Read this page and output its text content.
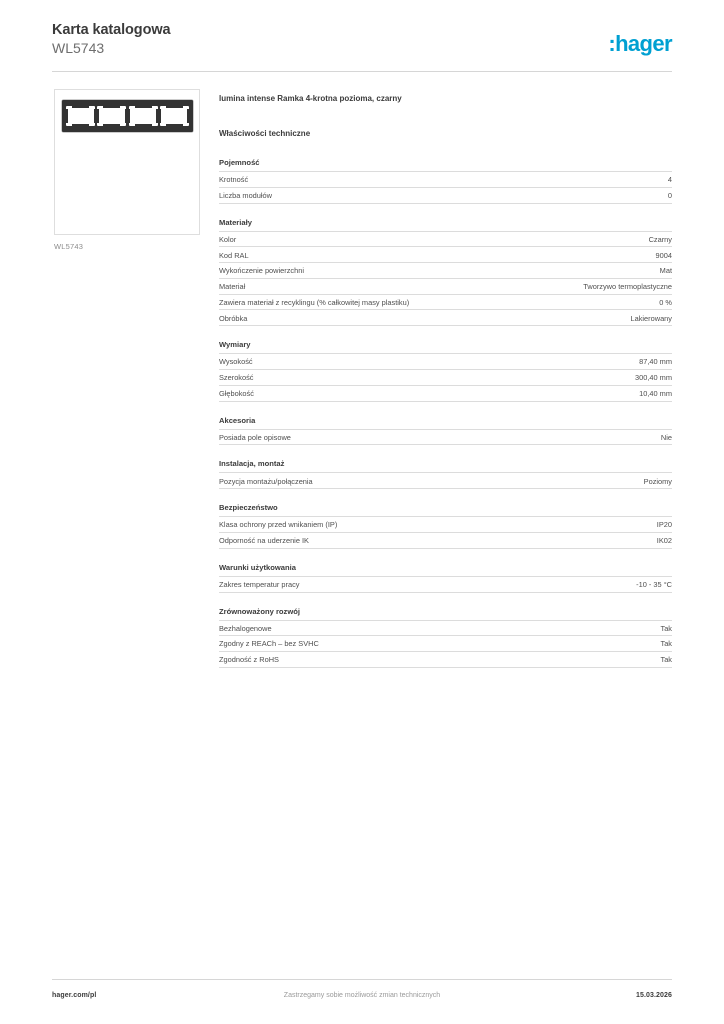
Karta katalogowa
WL5743	:hager
WL5743
lumina intense Ramka 4-krotna pozioma, czarny
Właściwości techniczne
Pojemność
Krotność	4
Liczba modułów	0
Materiały
Kolor	Czarny
Kod RAL	9004
Wykończenie powierzchni	Mat
Materiał	Tworzywo termoplastyczne
Zawiera materiał z recyklingu (% całkowitej masy plastiku)	0 %
Obróbka	Lakierowany
Wymiary
Wysokość	87,40 mm
Szerokość	300,40 mm
Głębokość	10,40 mm
Akcesoria
Posiada pole opisowe	Nie
Instalacja, montaż
Pozycja montażu/połączenia	Poziomy
Bezpieczeństwo
Klasa ochrony przed wnikaniem (IP)	IP20
Odporność na uderzenie IK	IK02
Warunki użytkowania
Zakres temperatur pracy	-10 - 35 °C
Zrównoważony rozwój
Bezhalogenowe	Tak
Zgodny z REACh – bez SVHC	Tak
Zgodność z RoHS	Tak
hager.com/pl	Zastrzegamy sobie możliwość zmian technicznych	15.03.2026
